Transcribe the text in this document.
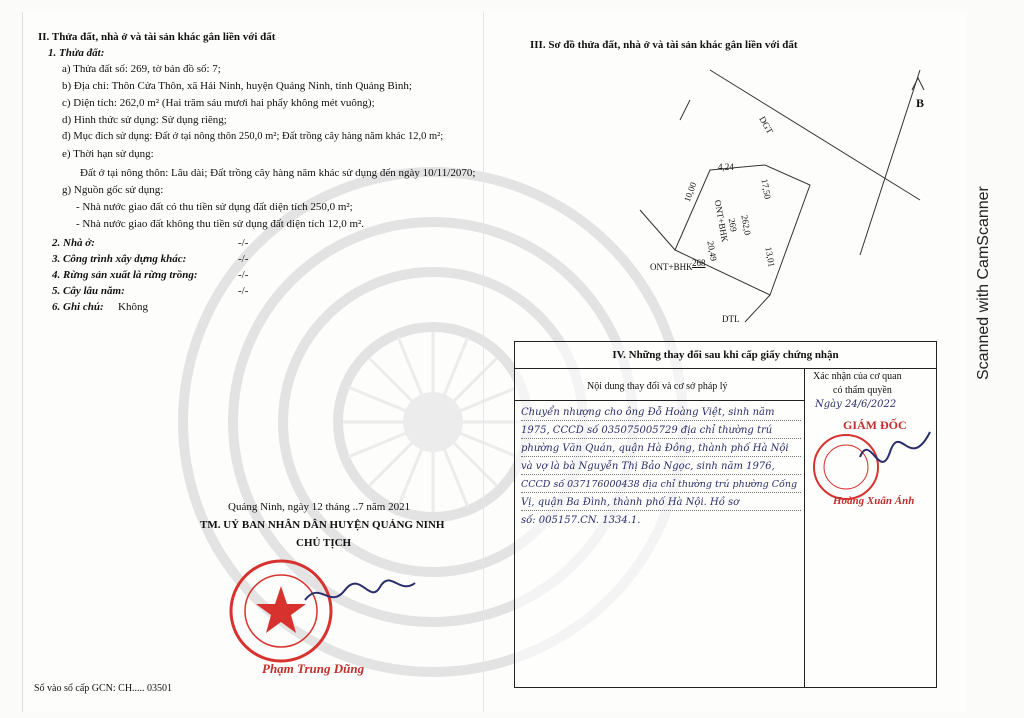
II. Thửa đất, nhà ở và tài sản khác gắn liền với đất
1. Thửa đất:
a) Thửa đất số: 269, tờ bản đồ số: 7;
b) Địa chỉ: Thôn Cửa Thôn, xã Hải Ninh, huyện Quảng Ninh, tỉnh Quảng Bình;
c) Diện tích: 262,0 m² (Hai trăm sáu mươi hai phẩy không mét vuông);
d) Hình thức sử dụng: Sử dụng riêng;
đ) Mục đích sử dụng: Đất ở tại nông thôn 250,0 m²; Đất trồng cây hàng năm khác 12,0 m²;
e) Thời hạn sử dụng:
Đất ở tại nông thôn: Lâu dài; Đất trồng cây hàng năm khác sử dụng đến ngày 10/11/2070;
g) Nguồn gốc sử dụng:
- Nhà nước giao đất có thu tiền sử dụng đất diện tích 250,0 m²;
- Nhà nước giao đất không thu tiền sử dụng đất diện tích 12,0 m².
2. Nhà ở:	-/-
3. Công trình xây dựng khác:	-/-
4. Rừng sản xuất là rừng trồng:	-/-
5. Cây lâu năm:	-/-
6. Ghi chú: Không
Quảng Ninh, ngày 12 tháng ..7 năm 2021
TM. UỶ BAN NHÂN DÂN HUYỆN QUẢNG NINH
CHỦ TỊCH
Phạm Trung Dũng
Số vào sổ cấp GCN: CH..... 03501
III. Sơ đồ thửa đất, nhà ở và tài sản khác gắn liền với đất
B
DGT
DTL
4,24
10,00	17,50
20,49	13,01
ONT+BHK
269 262,0
ONT+BHK 268
IV. Những thay đổi sau khi cấp giấy chứng nhận
Nội dung thay đổi và cơ sở pháp lý
Xác nhận của cơ quan
có thẩm quyền
Chuyển nhượng cho ông Đỗ Hoàng Việt, sinh năm
1975, CCCD số 035075005729 địa chỉ thường trú
phường Văn Quán, quận Hà Đông, thành phố Hà Nội
và vợ là bà Nguyễn Thị Bảo Ngọc, sinh năm 1976,
CCCD số 037176000438 địa chỉ thường trú phường Cống
Vị, quận Ba Đình, thành phố Hà Nội. Hồ sơ
số: 005157.CN. 1334.1.
Ngày 24/6/2022
GIÁM ĐỐC
Hoàng Xuân Ánh
Scanned with CamScanner
